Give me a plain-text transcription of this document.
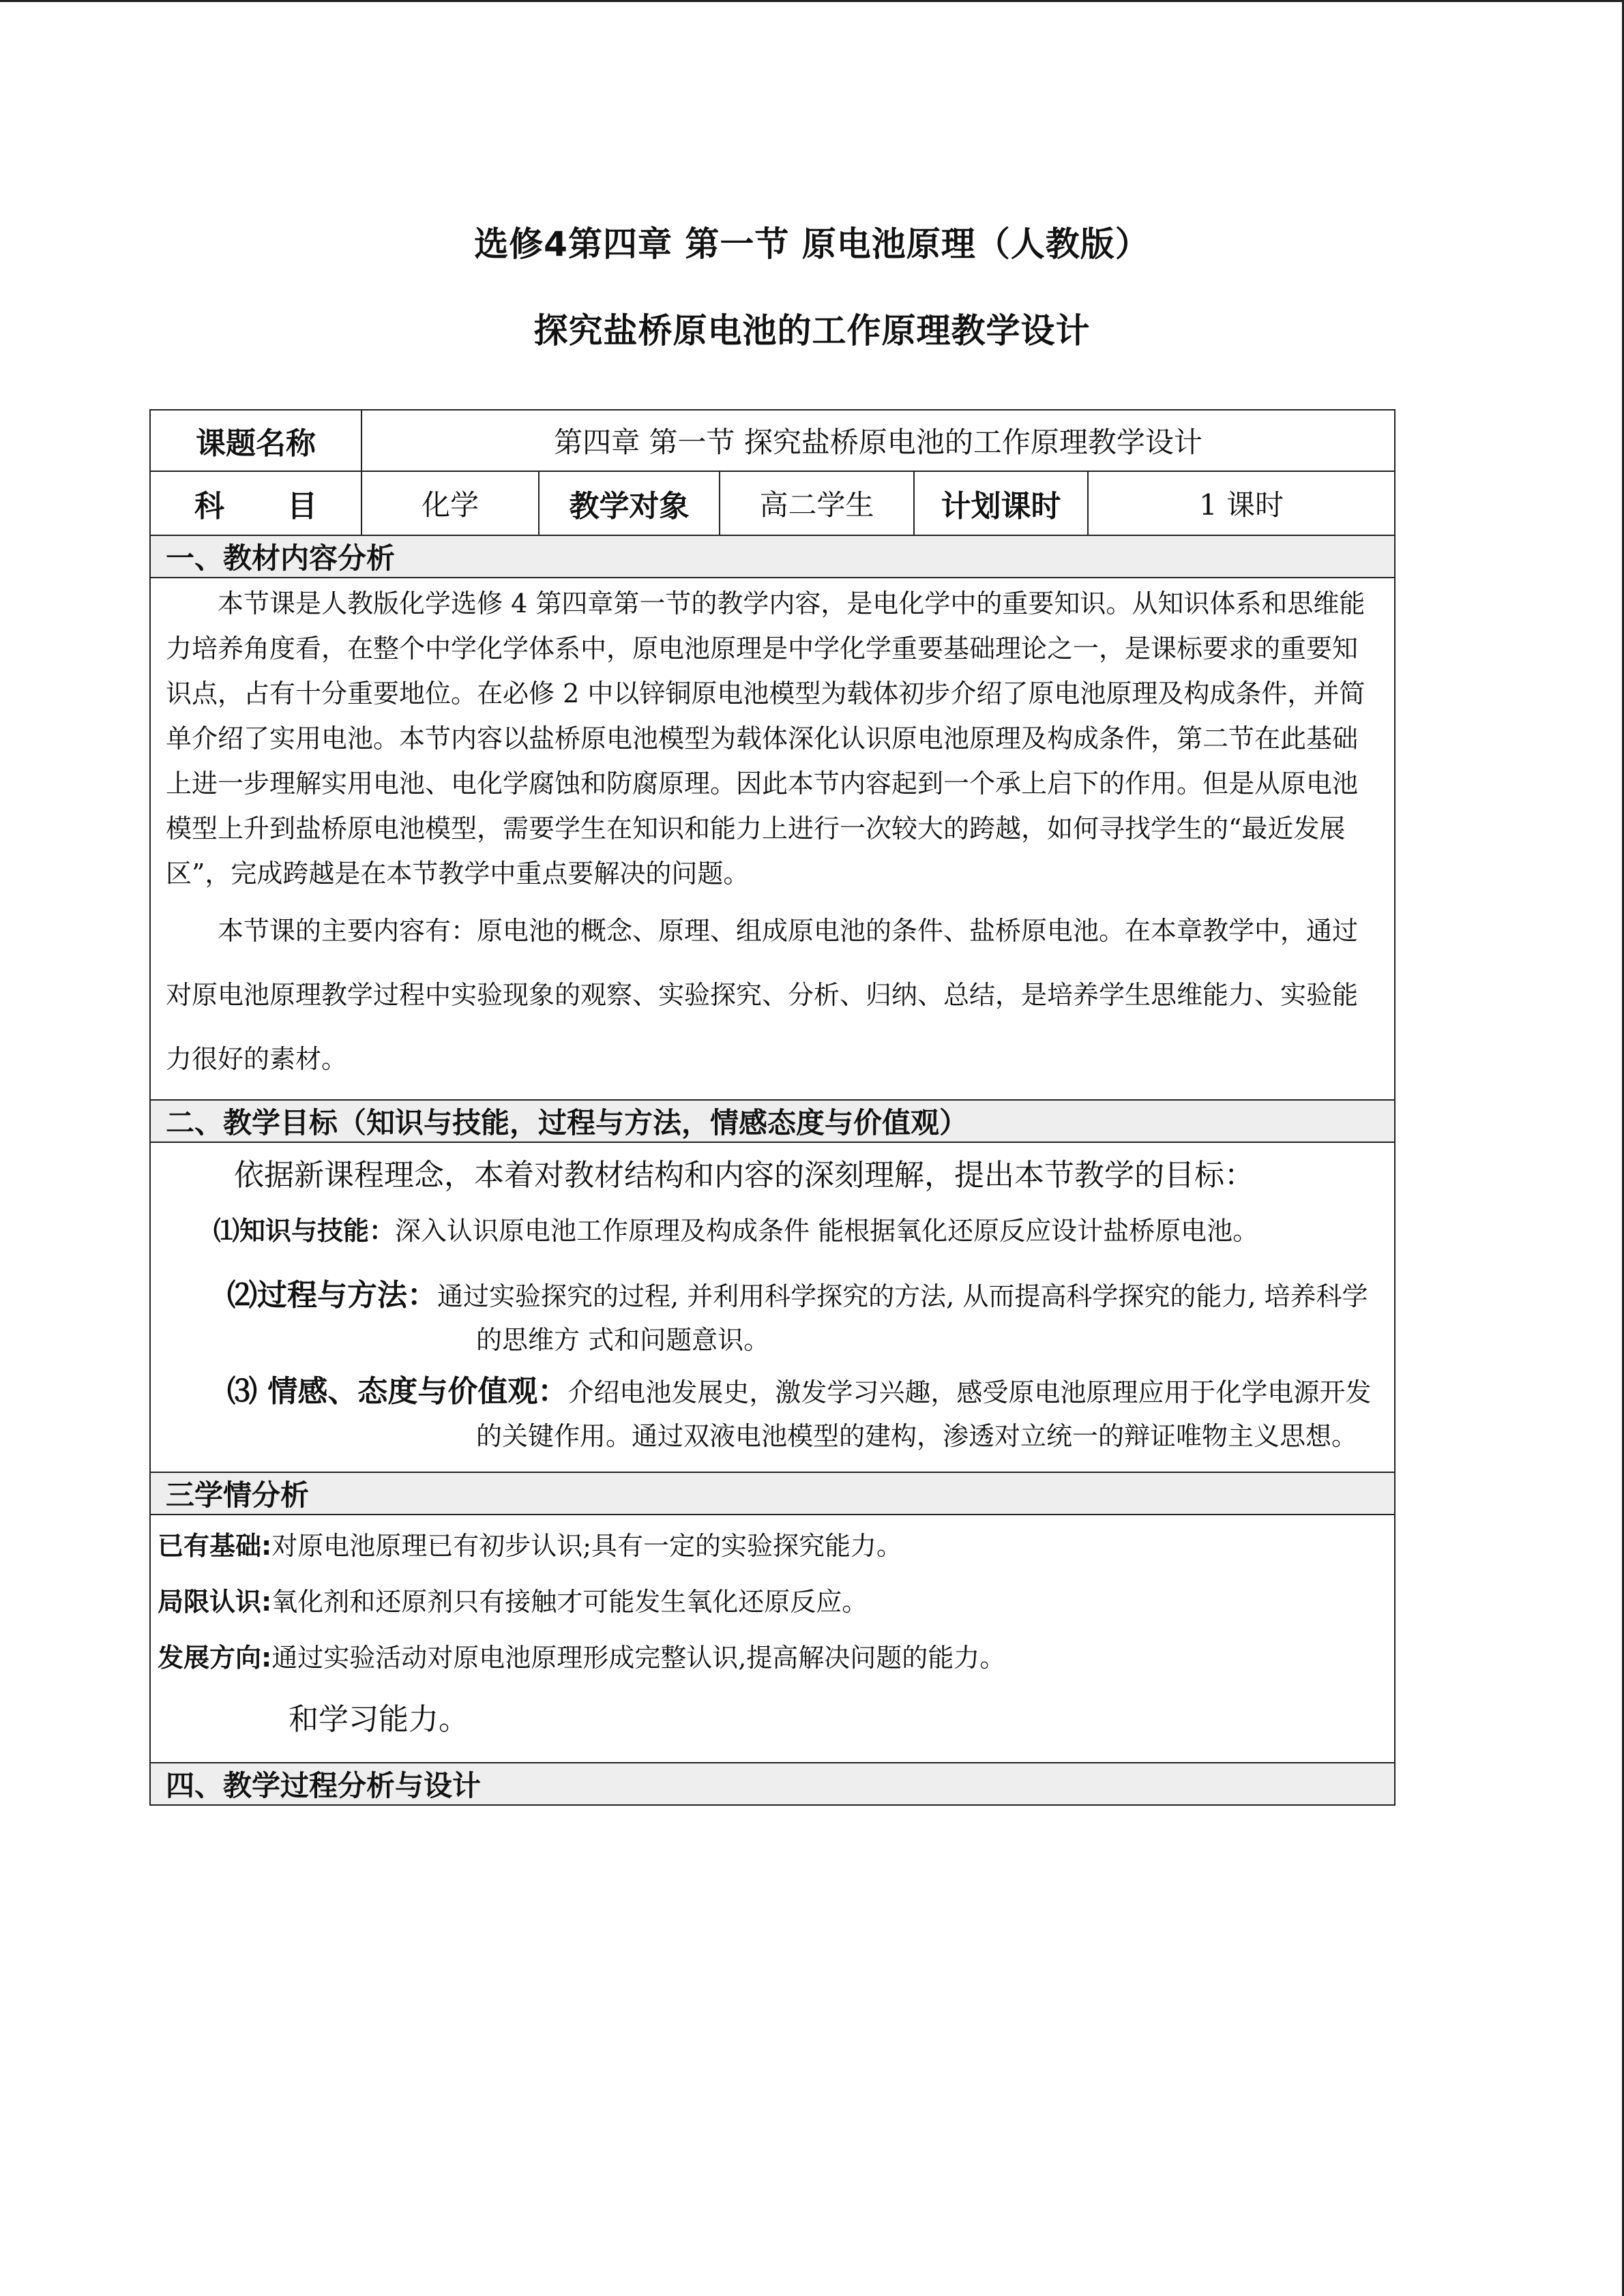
选修4第四章 第一节 原电池原理（人教版）
探究盐桥原电池的工作原理教学设计
课题名称	第四章 第一节 探究盐桥原电池的工作原理教学设计				
科      目	化学	教学对象	高二学生	计划课时	1 课时
一、教材内容分析					

本节课是人教版化学选修 4 第四章第一节的教学内容，是电化学中的重要知识。从知识体系和思维能力培养角度看，在整个中学化学体系中，原电池原理是中学化学重要基础理论之一，是课标要求的重要知识点，占有十分重要地位。在必修 2 中以锌铜原电池模型为载体初步介绍了原电池原理及构成条件，并简单介绍了实用电池。本节内容以盐桥原电池模型为载体深化认识原电池原理及构成条件，第二节在此基础上进一步理解实用电池、电化学腐蚀和防腐原理。因此本节内容起到一个承上启下的作用。但是从原电池模型上升到盐桥原电池模型，需要学生在知识和能力上进行一次较大的跨越，如何寻找学生的“最近发展区”，完成跨越是在本节教学中重点要解决的问题。

本节课的主要内容有：原电池的概念、原理、组成原电池的条件、盐桥原电池。在本章教学中，通过对原电池原理教学过程中实验现象的观察、实验探究、分析、归纳、总结，是培养学生思维能力、实验能力很好的素材。					

二、教学目标（知识与技能，过程与方法，情感态度与价值观）					

依据新课程理念，本着对教材结构和内容的深刻理解，提出本节教学的目标：

⑴知识与技能：深入认识原电池工作原理及构成条件 能根据氧化还原反应设计盐桥原电池。

⑵过程与方法：通过实验探究的过程, 并利用科学探究的方法, 从而提高科学探究的能力, 培养科学的思维方 式和问题意识。

⑶ 情感、态度与价值观：介绍电池发展史，激发学习兴趣，感受原电池原理应用于化学电源开发的关键作用。通过双液电池模型的建构，渗透对立统一的辩证唯物主义思想。					

三学情分析					

已有基础:对原电池原理已有初步认识;具有一定的实验探究能力。

局限认识:氧化剂和还原剂只有接触才可能发生氧化还原反应。

发展方向:通过实验活动对原电池原理形成完整认识,提高解决问题的能力。

和学习能力。					

四、教学过程分析与设计					
